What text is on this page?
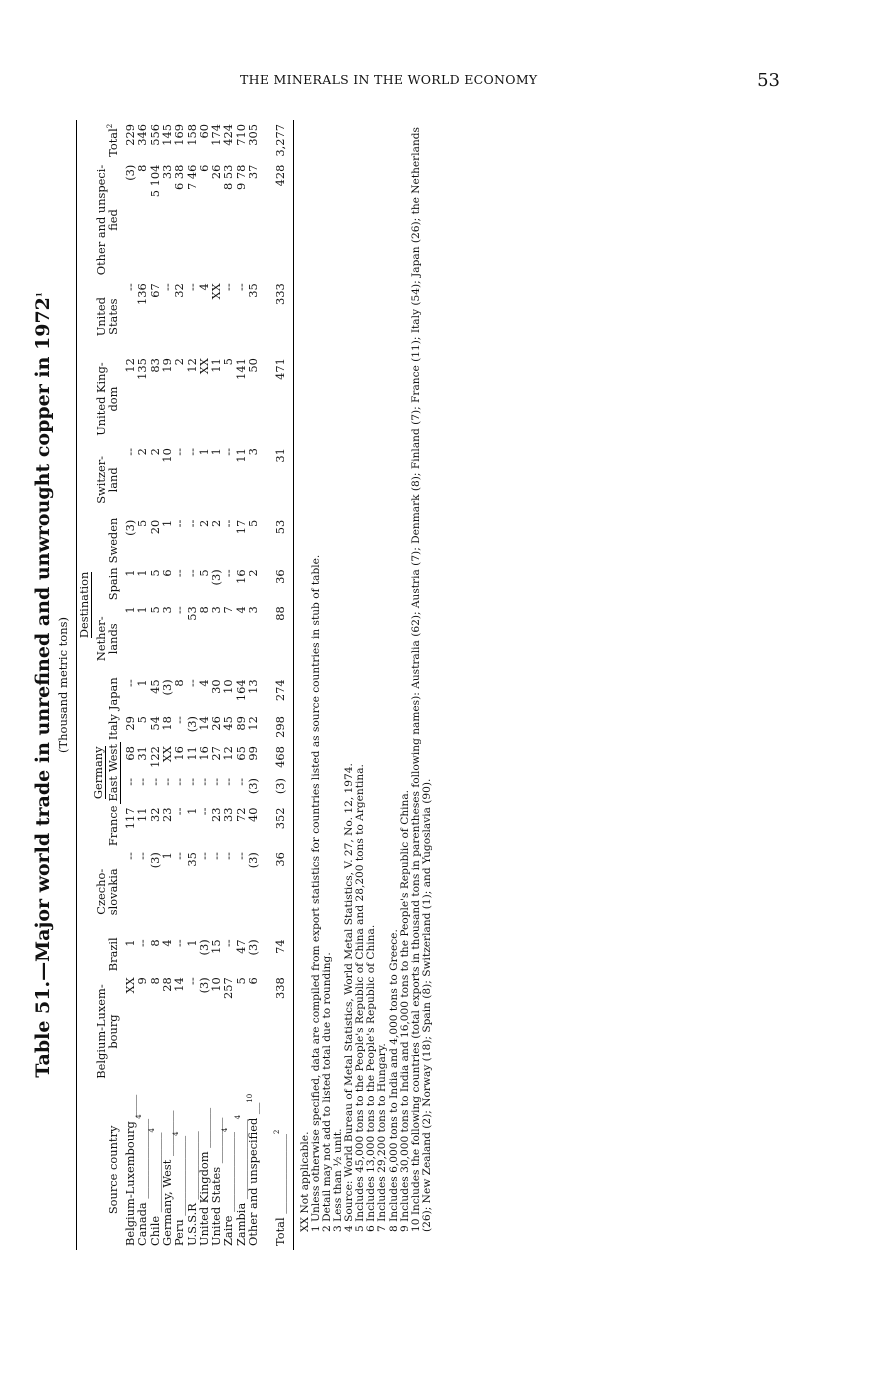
THE MINERALS IN THE WORLD ECONOMY	53
Table 51.—Major world trade in unrefined and unwrought copper in 1972$^1$
(Thousand metric tons)
Source country	Destination															
	Belgium-Luxem-bourg	Brazil	Czecho-slovakia	France	Germany		Italy	Japan	Nether-lands	Spain	Sweden	Switzer-land	United King-dom	United States	Other and unspeci-fied	Total$^2$
					East	West										
Belgium-Luxembourg ____	XX	1	--	117	--	68	29	--	1	1	(3)	--	12	--	(3)	229
Canada ______________$^4$	9	--	--	11	--	31	5	1	1	1	5	2	135	136	8	346
Chile ______________$^4$	8	8	(3)	32	--	122	54	45	5	5	20	2	83	67	5 104	556
Germany, West ________	28	4	1	23	--	XX	18	(3)	3	6	1	10	19	--	33	145
Peru ______________$^4$	14	--	--	--	--	16	--	8	--	--	--	--	2	32	6 38	169
U.S.S.R ____________	--	1	35	1	--	11	(3)	--	53	--	--	--	12	--	7 46	158
United Kingdom _______	(3)	(3)	--	--	--	16	14	4	8	5	2	1	XX	4	6	60
United States ________	10	15	--	23	--	27	26	30	3	(3)	2	1	11	XX	26	174
Zaire ______________$^4$	257	--	--	33	--	12	45	10	7	--	--	--	5	--	8 53	424
Zambia ______________$^4$	5	47	--	72	--	65	89	164	4	16	17	11	141	--	9 78	710
Other and unspecified __$^{10}$	6	(3)	(3)	40	(3)	99	12	13	3	2	5	3	50	35	37	305
Total ______________$^2$	338	74	36	352	(3)	468	298	274	88	36	53	31	471	333	428	3,277

XX Not applicable. 1 Unless otherwise specified, data are compiled from export statistics for countries listed as source countries in stub of table. 2 Detail may not add to listed total due to rounding. 3 Less than ½ unit. 4 Source: World Bureau of Metal Statistics, World Metal Statistics, V. 27, No. 12, 1974. 5 Includes 45,000 tons to the People's Republic of China and 28,200 tons to Argentina. 6 Includes 13,000 tons to the People's Republic of China. 7 Includes 29,200 tons to Hungary. 8 Includes 6,000 tons to India and 4,000 tons to Greece. 9 Includes 30,000 tons to India and 16,000 tons to the People's Republic of China. 10 Includes the following countries (total exports in thousand tons in parentheses following names): Australia (62); Austria (7); Denmark (8); Finland (7); France (11); Italy (54); Japan (26); the Netherlands (26); New Zealand (2); Norway (18); Spain (8); Switzerland (1); and Yugoslavia (90).
